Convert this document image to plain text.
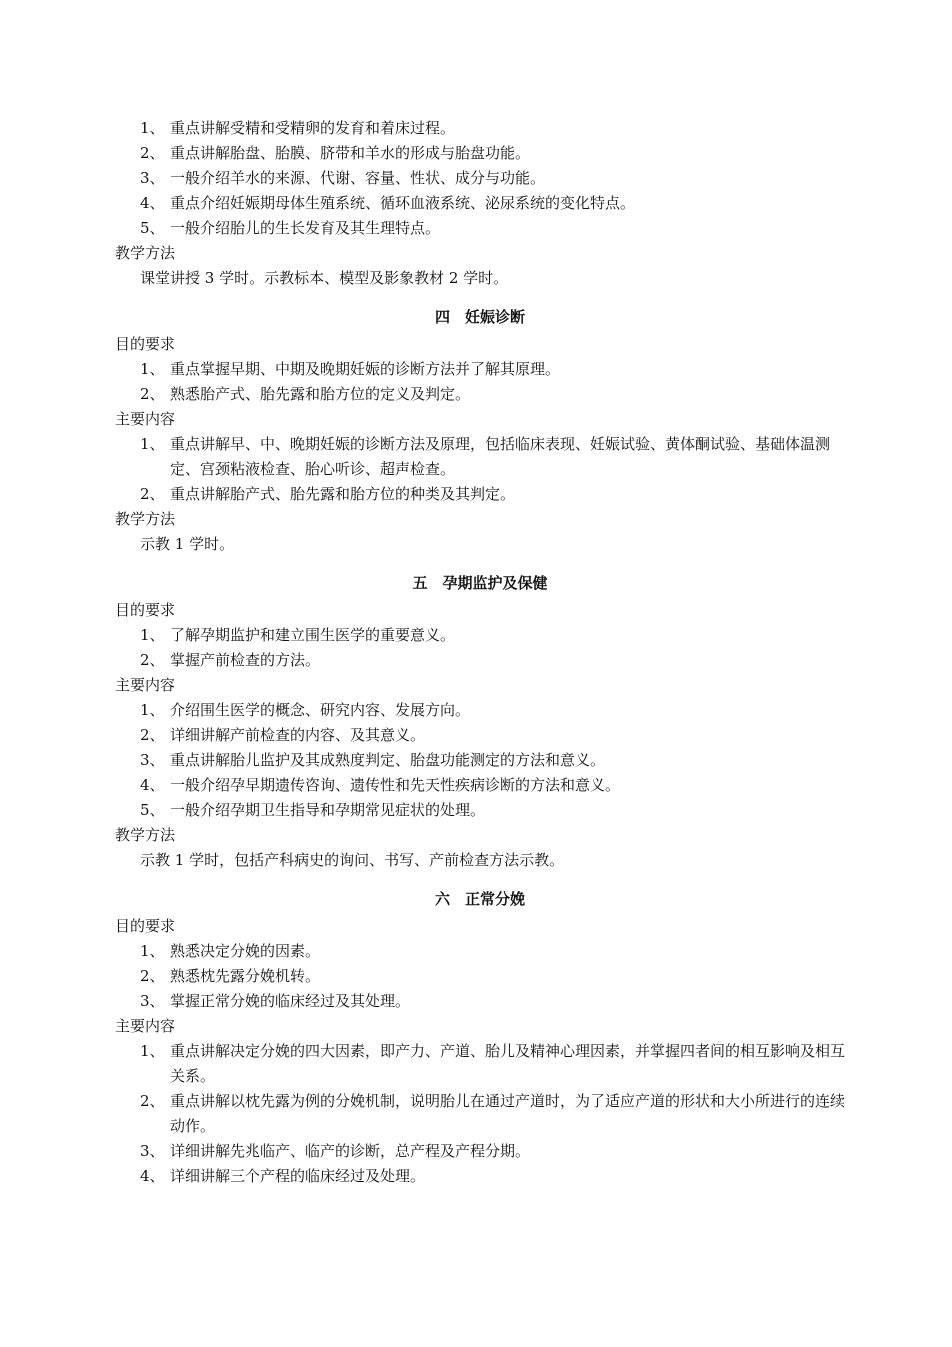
1、 重点讲解受精和受精卵的发育和着床过程。
2、 重点讲解胎盘、胎膜、脐带和羊水的形成与胎盘功能。
3、 一般介绍羊水的来源、代谢、容量、性状、成分与功能。
4、 重点介绍妊娠期母体生殖系统、循环血液系统、泌尿系统的变化特点。
5、 一般介绍胎儿的生长发育及其生理特点。
教学方法
课堂讲授 3 学时。示教标本、模型及影象教材 2 学时。
四　妊娠诊断
目的要求
1、 重点掌握早期、中期及晚期妊娠的诊断方法并了解其原理。
2、 熟悉胎产式、胎先露和胎方位的定义及判定。
主要内容
1、 重点讲解早、中、晚期妊娠的诊断方法及原理，包括临床表现、妊娠试验、黄体酮试验、基础体温测定、宫颈粘液检查、胎心听诊、超声检查。
2、 重点讲解胎产式、胎先露和胎方位的种类及其判定。
教学方法
示教 1 学时。
五　孕期监护及保健
目的要求
1、 了解孕期监护和建立围生医学的重要意义。
2、 掌握产前检查的方法。
主要内容
1、 介绍围生医学的概念、研究内容、发展方向。
2、 详细讲解产前检查的内容、及其意义。
3、 重点讲解胎儿监护及其成熟度判定、胎盘功能测定的方法和意义。
4、 一般介绍孕早期遗传咨询、遗传性和先天性疾病诊断的方法和意义。
5、 一般介绍孕期卫生指导和孕期常见症状的处理。
教学方法
示教 1 学时，包括产科病史的询问、书写、产前检查方法示教。
六　正常分娩
目的要求
1、 熟悉决定分娩的因素。
2、 熟悉枕先露分娩机转。
3、 掌握正常分娩的临床经过及其处理。
主要内容
1、 重点讲解决定分娩的四大因素，即产力、产道、胎儿及精神心理因素，并掌握四者间的相互影响及相互关系。
2、 重点讲解以枕先露为例的分娩机制，说明胎儿在通过产道时，为了适应产道的形状和大小所进行的连续动作。
3、 详细讲解先兆临产、临产的诊断，总产程及产程分期。
4、 详细讲解三个产程的临床经过及处理。
